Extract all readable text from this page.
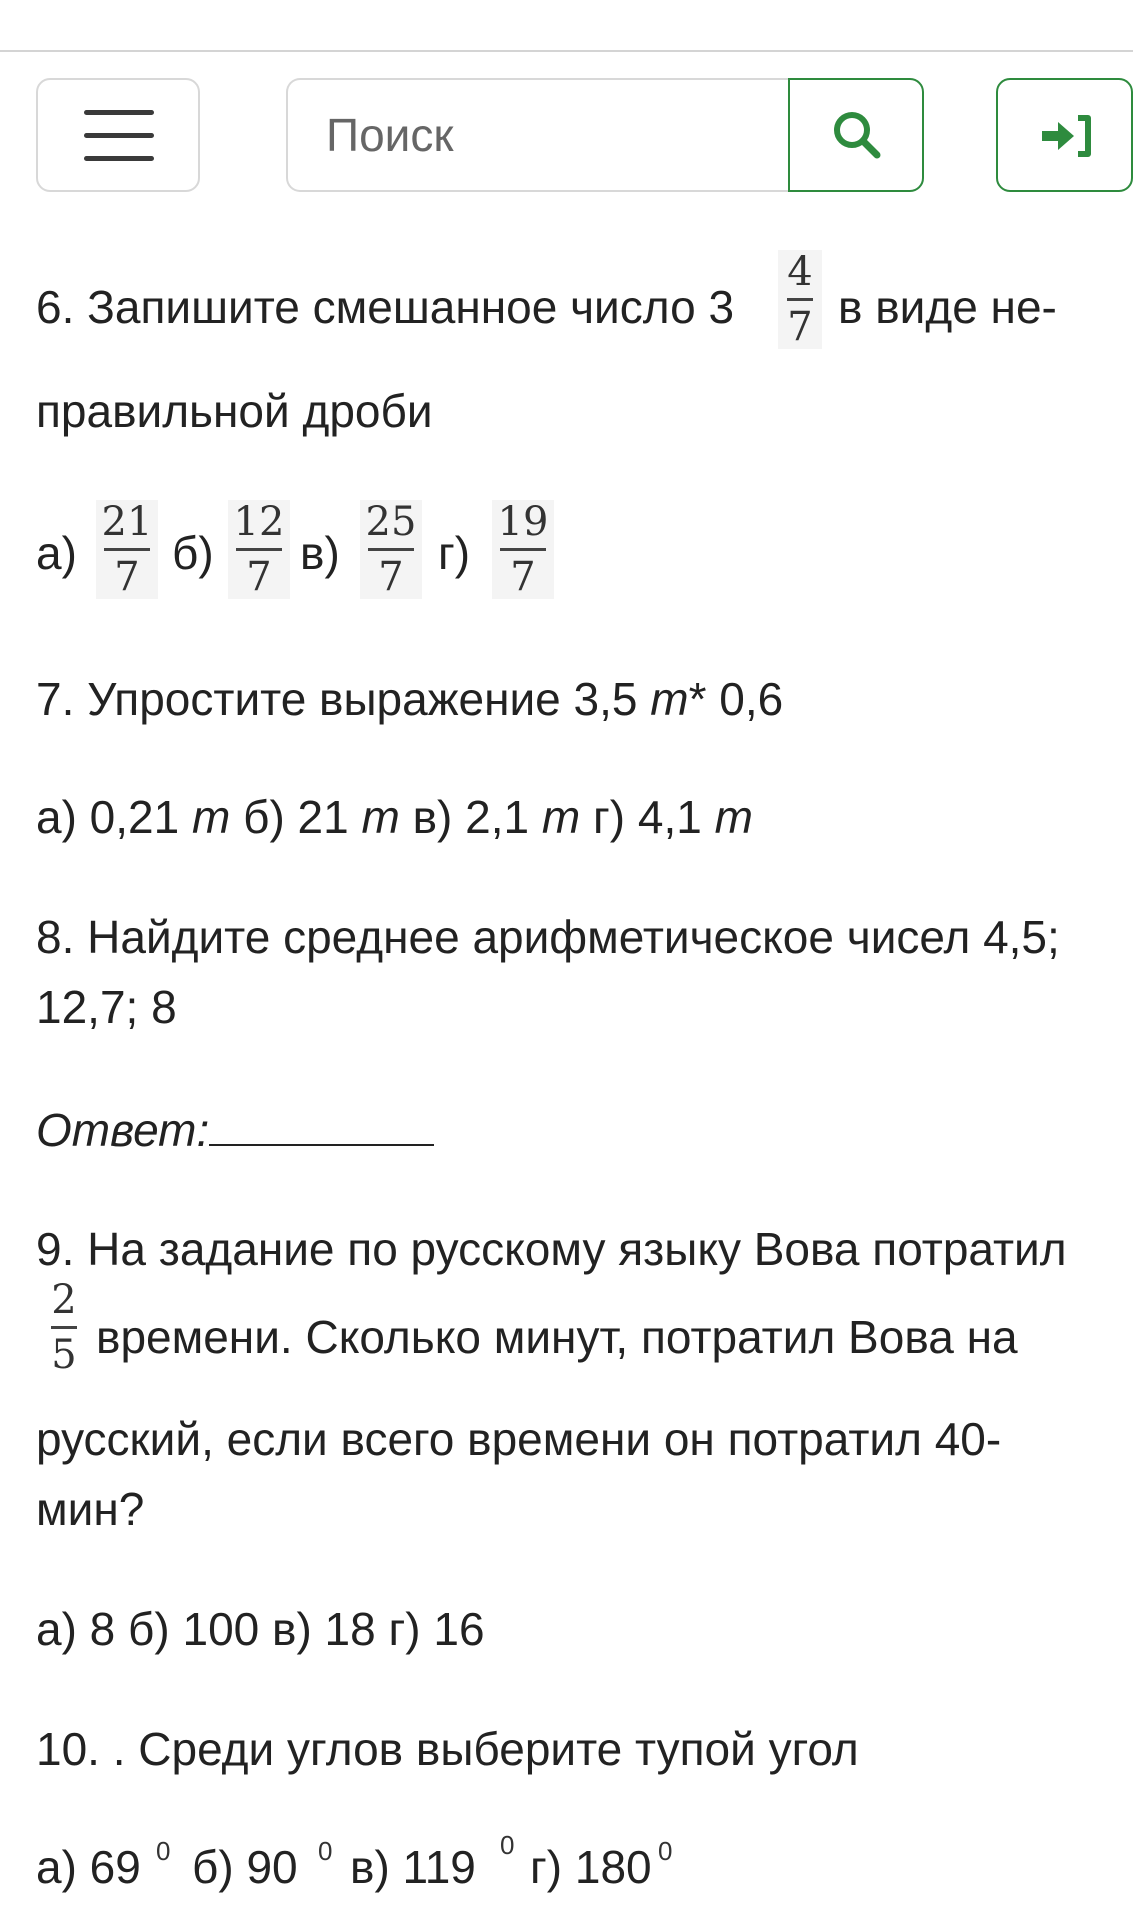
Поиск
6. Запишите смешанное число 3
4
7 в виде не-
правильной дроби
а)
21
7 б)
12
7 в)
25
7 г)
19
7
7. Упростите выражение 3,5 т* 0,6
а) 0,21 т б) 21 т в) 2,1 т г) 4,1 т
8. Найдите среднее арифметическое чисел 4,5;
12,7; 8
Ответ:
9. На задание по русскому языку Вова потратил
2
5 времени. Сколько минут, потратил Вова на
русский, если всего времени он потратил 40-
мин?
а) 8 б) 100 в) 18 г) 16
10. . Среди углов выберите тупой угол
а) 69 0 б) 90 0 в) 119 0 г) 180 0
